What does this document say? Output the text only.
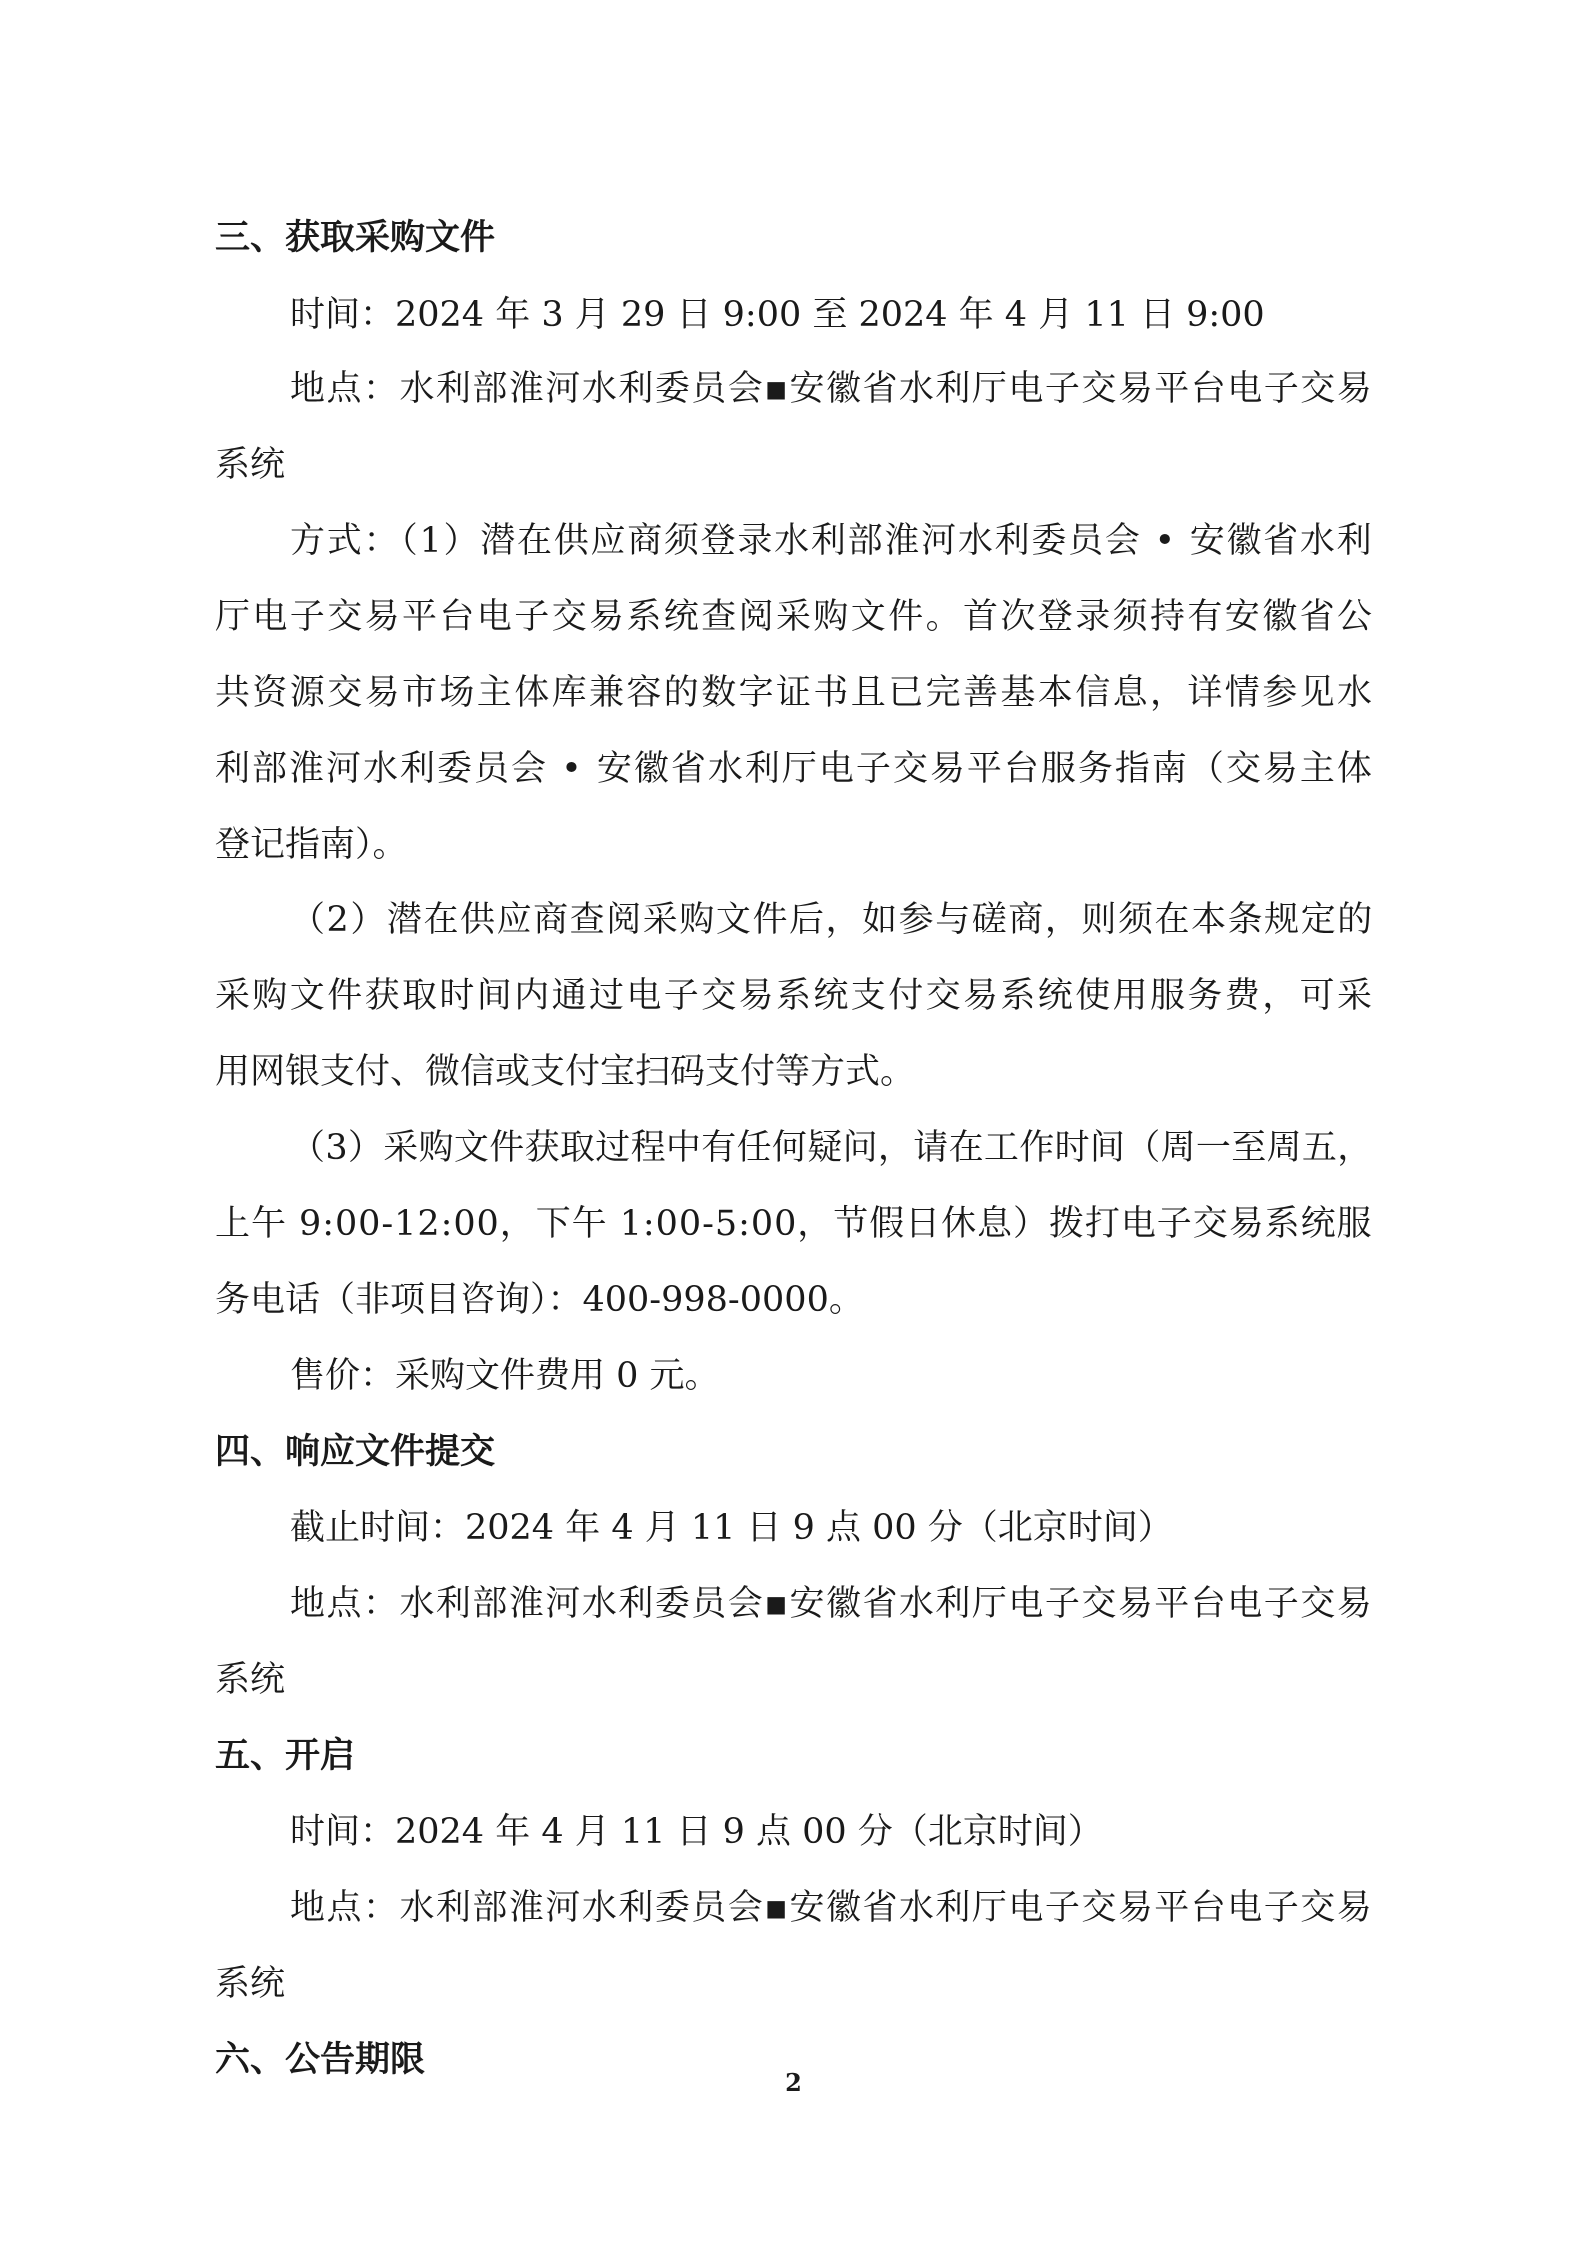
三、获取采购文件
时间：2024 年 3 月 29 日 9:00 至 2024 年 4 月 11 日 9:00
地点：水利部淮河水利委员会▪安徽省水利厅电子交易平台电子交易
系统
方式：（1）潜在供应商须登录水利部淮河水利委员会 • 安徽省水利
厅电子交易平台电子交易系统查阅采购文件。首次登录须持有安徽省公
共资源交易市场主体库兼容的数字证书且已完善基本信息，详情参见水
利部淮河水利委员会 • 安徽省水利厅电子交易平台服务指南（交易主体
登记指南）。
（2）潜在供应商查阅采购文件后，如参与磋商，则须在本条规定的
采购文件获取时间内通过电子交易系统支付交易系统使用服务费，可采
用网银支付、微信或支付宝扫码支付等方式。
（3）采购文件获取过程中有任何疑问，请在工作时间（周一至周五，
上午 9:00-12:00，下午 1:00-5:00，节假日休息）拨打电子交易系统服
务电话（非项目咨询）：400-998-0000。
售价：采购文件费用 0 元。
四、响应文件提交
截止时间：2024 年 4 月 11 日 9 点 00 分（北京时间）
地点：水利部淮河水利委员会▪安徽省水利厅电子交易平台电子交易
系统
五、开启
时间：2024 年 4 月 11 日 9 点 00 分（北京时间）
地点：水利部淮河水利委员会▪安徽省水利厅电子交易平台电子交易
系统
六、公告期限
2
